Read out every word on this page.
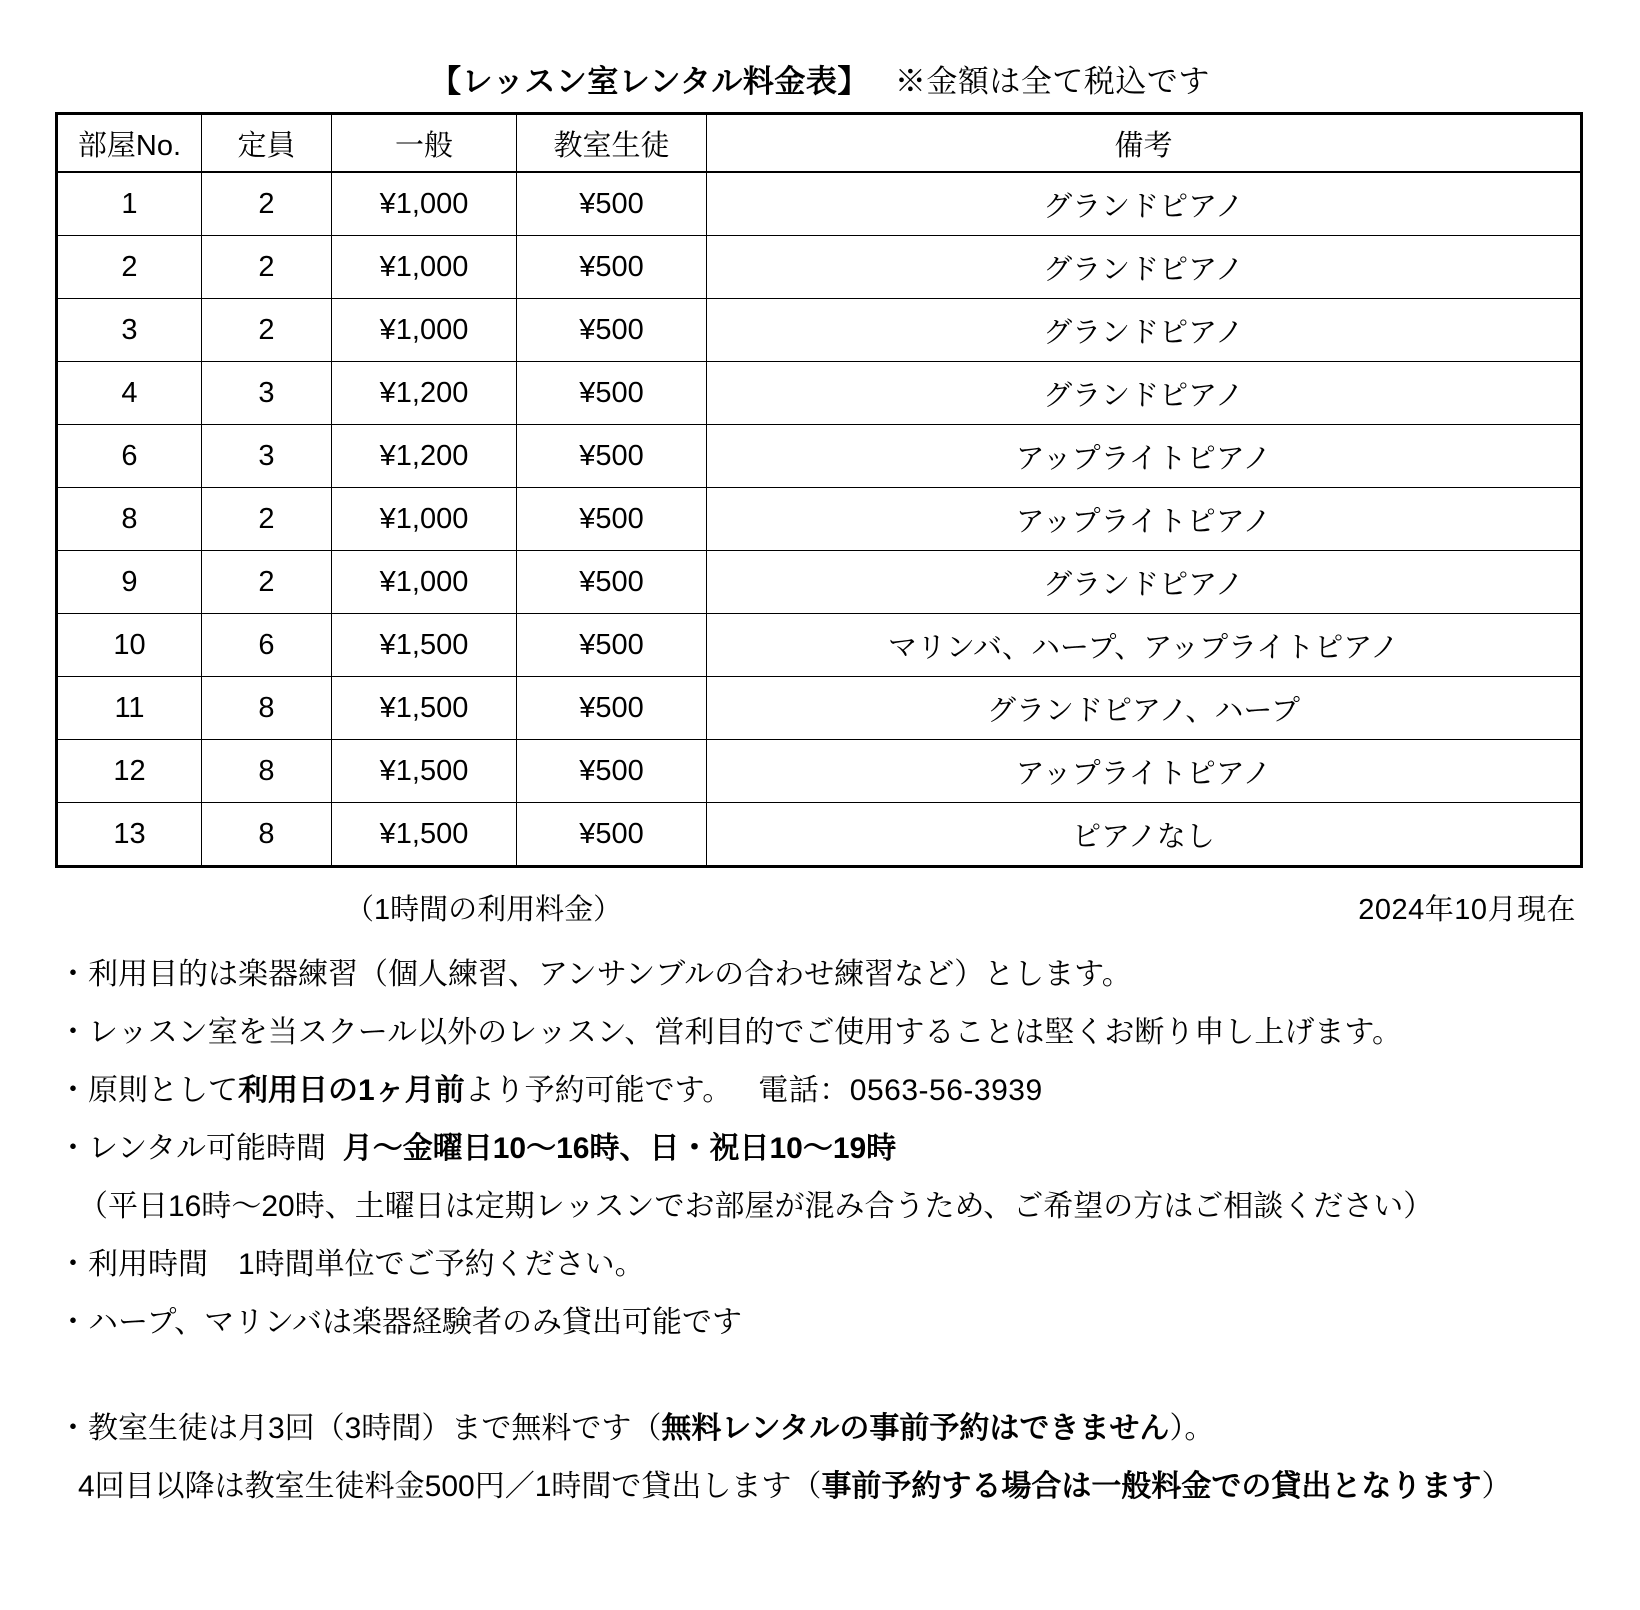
【レッスン室レンタル料金表】 ※金額は全て税込です
部屋No.	定員	一般	教室生徒	備考
1	2	¥1,000	¥500	グランドピアノ
2	2	¥1,000	¥500	グランドピアノ
3	2	¥1,000	¥500	グランドピアノ
4	3	¥1,200	¥500	グランドピアノ
6	3	¥1,200	¥500	アップライトピアノ
8	2	¥1,000	¥500	アップライトピアノ
9	2	¥1,000	¥500	グランドピアノ
10	6	¥1,500	¥500	マリンバ、ハープ、アップライトピアノ
11	8	¥1,500	¥500	グランドピアノ、ハープ
12	8	¥1,500	¥500	アップライトピアノ
13	8	¥1,500	¥500	ピアノなし
（1時間の利用料金）	2024年10月現在
・利用目的は楽器練習（個人練習、アンサンブルの合わせ練習など）とします。
・レッスン室を当スクール以外のレッスン、営利目的でご使用することは堅くお断り申し上げます。
・原則として利用日の1ヶ月前より予約可能です。 電話：0563-56-3939
・レンタル可能時間 月〜金曜日10〜16時、日・祝日10〜19時
（平日16時〜20時、土曜日は定期レッスンでお部屋が混み合うため、ご希望の方はご相談ください）
・利用時間　1時間単位でご予約ください。
・ハープ、マリンバは楽器経験者のみ貸出可能です
・教室生徒は月3回（3時間）まで無料です（無料レンタルの事前予約はできません）。
4回目以降は教室生徒料金500円／1時間で貸出します（事前予約する場合は一般料金での貸出となります）
